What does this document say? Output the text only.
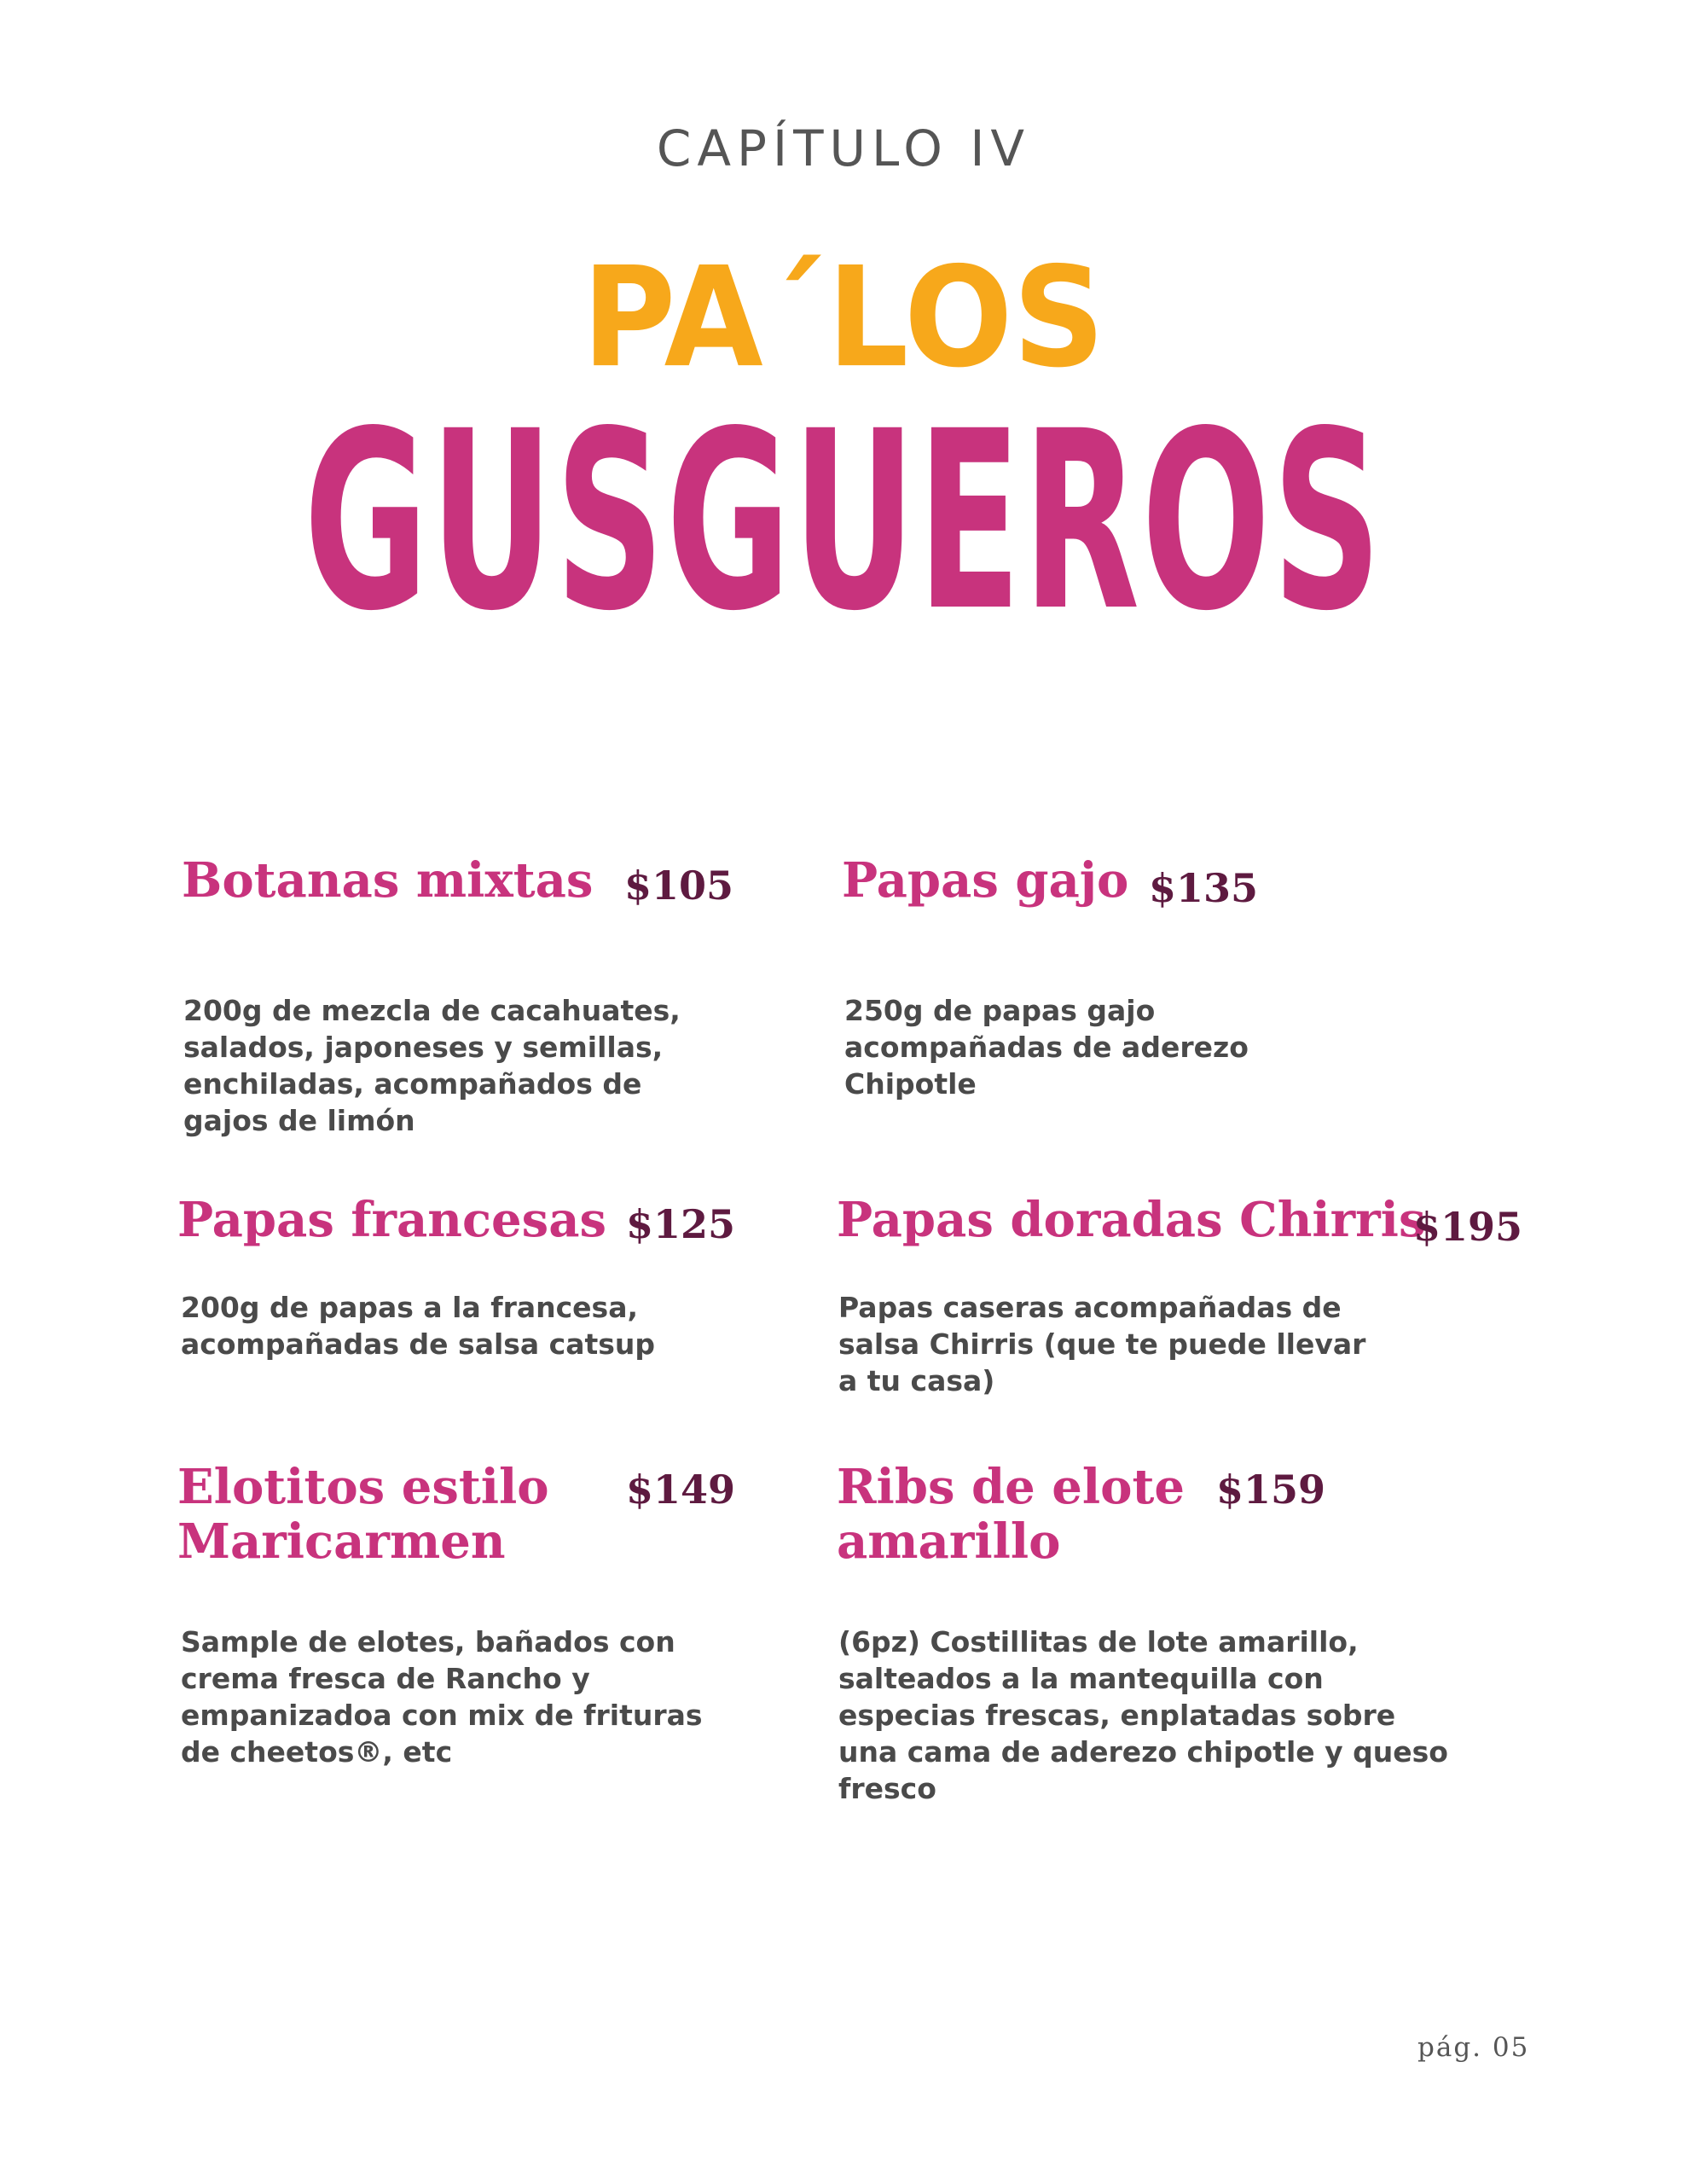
CAPÍTULO IV
PA´LOS
GUSGUEROS
Botanas mixtas $105

200g de mezcla de cacahuates, salados, japoneses y semillas, enchiladas, acompañados de gajos de limón

Papas gajo $135

250g de papas gajo acompañadas de aderezo Chipotle

Papas francesas $125

200g de papas a la francesa, acompañadas de salsa catsup

Papas doradas Chirris
$195

Papas caseras acompañadas de salsa Chirris (que te puede llevar a tu casa)

Elotitos estilo Maricarmen
$149

Sample de elotes, bañados con crema fresca de Rancho y empanizadoa con mix de frituras de cheetos®, etc

Ribs de elote amarillo
$159

(6pz) Costillitas de lote amarillo, salteados a la mantequilla con especias frescas, enplatadas sobre una cama de aderezo chipotle y queso fresco

pág. 05
